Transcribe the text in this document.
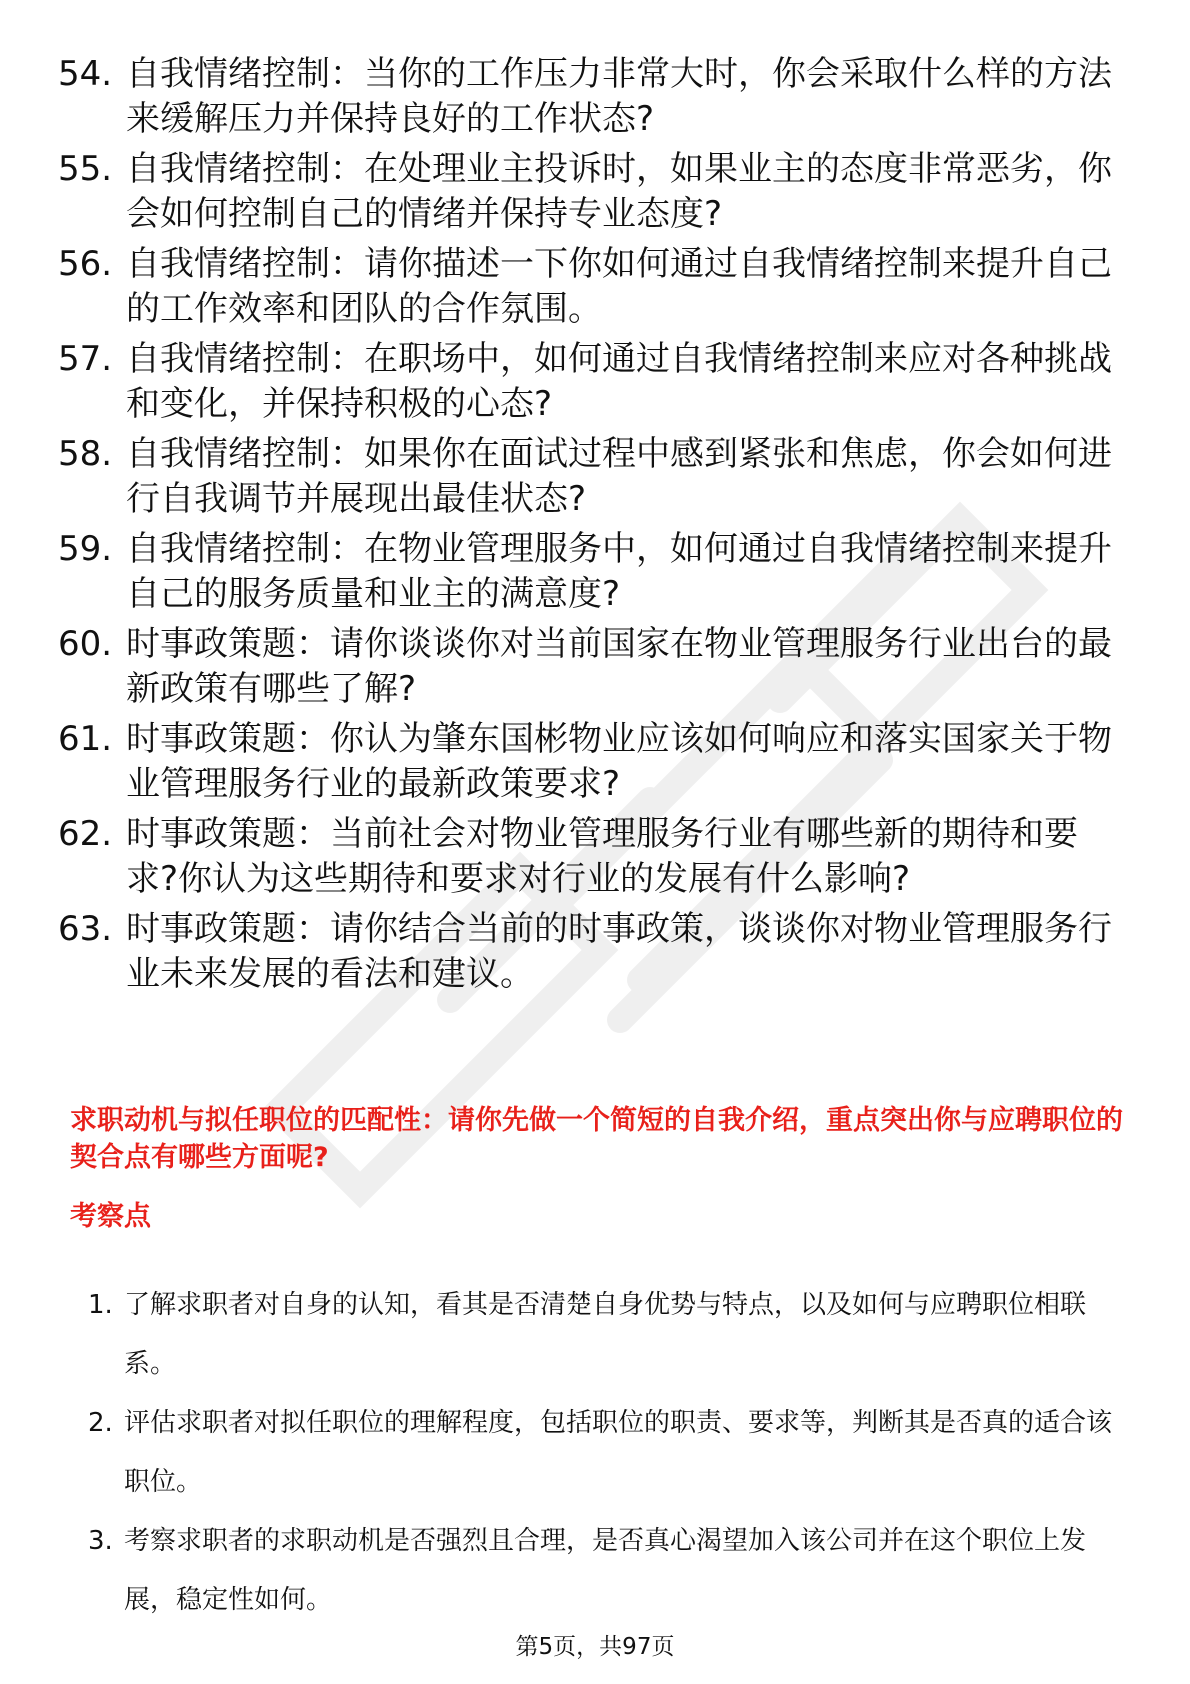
54. 自我情绪控制：当你的工作压力非常大时，你会采取什么样的方法来缓解压力并保持良好的工作状态?
55. 自我情绪控制：在处理业主投诉时，如果业主的态度非常恶劣，你会如何控制自己的情绪并保持专业态度?
56. 自我情绪控制：请你描述一下你如何通过自我情绪控制来提升自己的工作效率和团队的合作氛围。
57. 自我情绪控制：在职场中，如何通过自我情绪控制来应对各种挑战和变化，并保持积极的心态?
58. 自我情绪控制：如果你在面试过程中感到紧张和焦虑，你会如何进行自我调节并展现出最佳状态?
59. 自我情绪控制：在物业管理服务中，如何通过自我情绪控制来提升自己的服务质量和业主的满意度?
60. 时事政策题：请你谈谈你对当前国家在物业管理服务行业出台的最新政策有哪些了解?
61. 时事政策题：你认为肇东国彬物业应该如何响应和落实国家关于物业管理服务行业的最新政策要求?
62. 时事政策题：当前社会对物业管理服务行业有哪些新的期待和要求?你认为这些期待和要求对行业的发展有什么影响?
63. 时事政策题：请你结合当前的时事政策，谈谈你对物业管理服务行业未来发展的看法和建议。
求职动机与拟任职位的匹配性：请你先做一个简短的自我介绍，重点突出你与应聘职位的契合点有哪些方面呢?
考察点
1. 了解求职者对自身的认知，看其是否清楚自身优势与特点，以及如何与应聘职位相联系。
2. 评估求职者对拟任职位的理解程度，包括职位的职责、要求等，判断其是否真的适合该职位。
3. 考察求职者的求职动机是否强烈且合理，是否真心渴望加入该公司并在这个职位上发展，稳定性如何。
第5页，共97页
